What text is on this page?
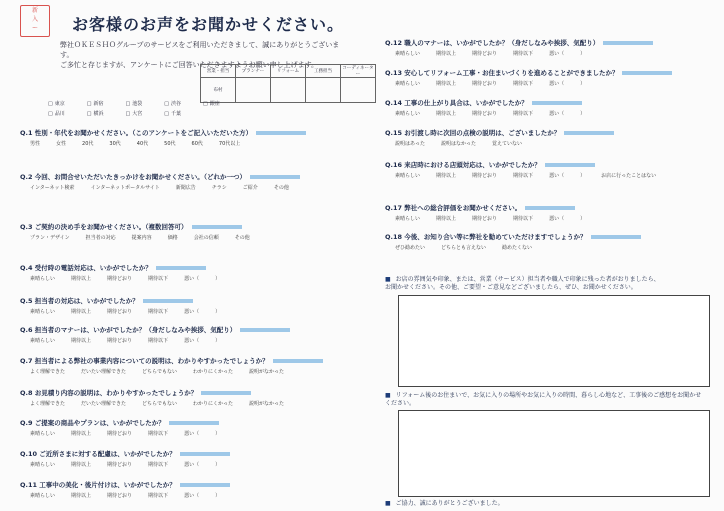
新
入
ー	お客様のお声をお聞かせください。
弊社ＯＫＥＳＨＯグループのサービスをご利用いただきまして、誠にありがとうございます。
ご多忙と存じますが、アンケートにご回答いただきますようお願い申し上げます。
営業・担当	プランナー	リフォーム	工務担当	コーディネーター
布村				
□ 東京	□ 新宿	□ 池袋	□ 渋谷	□ 銀座
□ 品川	□ 横浜	□ 大宮	□ 千葉
Q.1 性別・年代をお聞かせください。（このアンケートをご記入いただいた方）
男性	女性	20代	30代	40代	50代	60代	70代以上
Q.2 今回、お問合せいただいたきっかけをお聞かせください。（どれか一つ）
インターネット検索	インターネットポータルサイト	新聞広告	チラシ	ご紹介	その他
Q.3 ご契約の決め手をお聞かせください。（複数回答可）
プラン・デザイン	担当者の対応	提案内容	価格	会社の信頼	その他
Q.4 受付時の電話対応は、いかがでしたか？
素晴らしい	期待以上	期待どおり	期待以下	悪い（	）
Q.5 担当者の対応は、いかがでしたか？
素晴らしい	期待以上	期待どおり	期待以下	悪い（	）
Q.6 担当者のマナーは、いかがでしたか？（身だしなみや挨拶、気配り）
素晴らしい	期待以上	期待どおり	期待以下	悪い（	）
Q.7 担当者による弊社の事業内容についての説明は、わかりやすかったでしょうか？
よく理解できた	だいたい理解できた	どちらでもない	わかりにくかった	説明がなかった
Q.8 お見積り内容の説明は、わかりやすかったでしょうか？
よく理解できた	だいたい理解できた	どちらでもない	わかりにくかった	説明がなかった
Q.9 ご提案の商品やプランは、いかがでしたか？
素晴らしい	期待以上	期待どおり	期待以下	悪い（	）
Q.10 ご近所さまに対する配慮は、いかがでしたか？
素晴らしい	期待以上	期待どおり	期待以下	悪い（	）
Q.11 工事中の美化・後片付けは、いかがでしたか？
素晴らしい	期待以上	期待どおり	期待以下	悪い（	）
Q.12 職人のマナーは、いかがでしたか？（身だしなみや挨拶、気配り）
素晴らしい	期待以上	期待どおり	期待以下	悪い（	）
Q.13 安心してリフォーム工事・お住まいづくりを進めることができましたか？
素晴らしい	期待以上	期待どおり	期待以下	悪い（	）
Q.14 工事の仕上がり具合は、いかがでしたか？
素晴らしい	期待以上	期待どおり	期待以下	悪い（	）
Q.15 お引渡し時に次回の点検の説明は、ございましたか？
説明はあった	説明はなかった	覚えていない
Q.16 来店時における店頭対応は、いかがでしたか？
素晴らしい	期待以上	期待どおり	期待以下	悪い（	）	お店に行ったことはない
Q.17 弊社への総合評価をお聞かせください。
素晴らしい	期待以上	期待どおり	期待以下	悪い（	）
Q.18 今後、お知り合い等に弊社を勧めていただけますでしょうか？
ぜひ勧めたい	どちらとも言えない	勧めたくない
■ お店の雰囲気や印象、または、営業（サービス）担当者や職人で印象に残った者がおりましたら、
お聞かせください。その他、ご要望・ご意見などございましたら、ぜひ、お聞かせください。
■ リフォーム後のお住まいで、お気に入りの場所やお気に入りの時間、暮らし心地など、工事後のご感想をお聞かせください。
■ ご協力、誠にありがとうございました。
